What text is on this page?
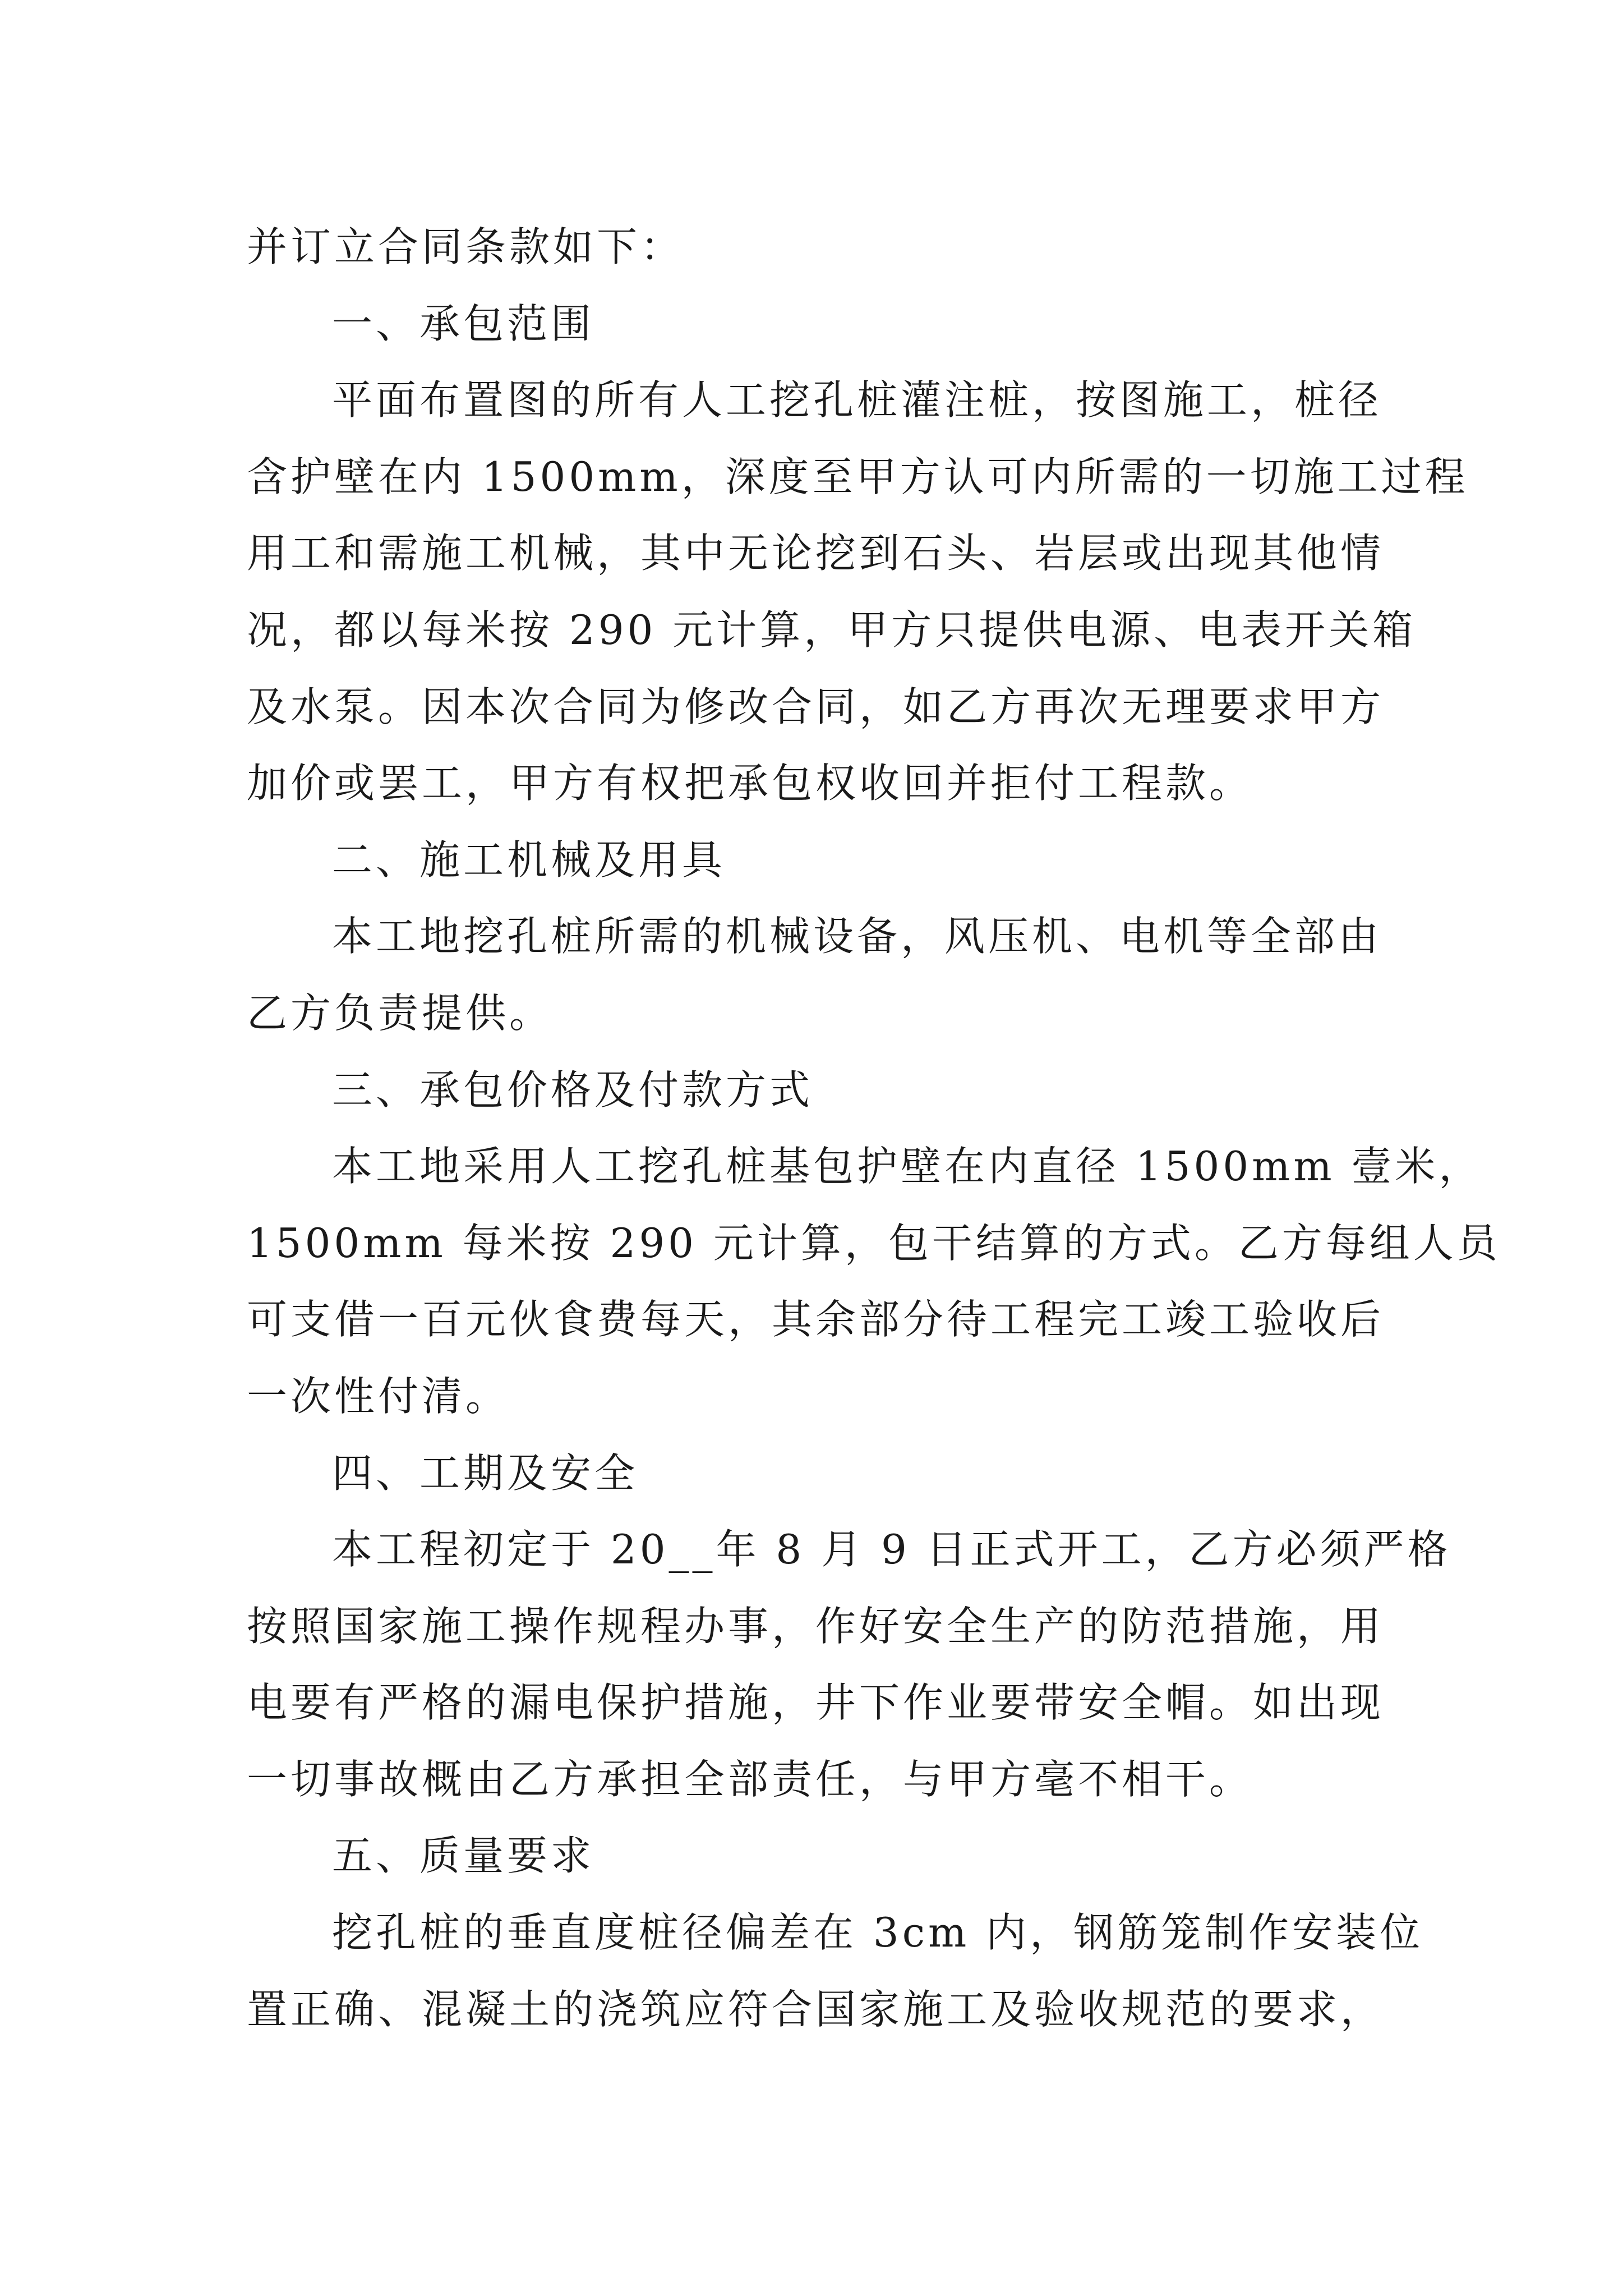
并订立合同条款如下：
一、承包范围
平面布置图的所有人工挖孔桩灌注桩，按图施工，桩径
含护壁在内 1500mm，深度至甲方认可内所需的一切施工过程
用工和需施工机械，其中无论挖到石头、岩层或出现其他情
况，都以每米按 290 元计算，甲方只提供电源、电表开关箱
及水泵。因本次合同为修改合同，如乙方再次无理要求甲方
加价或罢工，甲方有权把承包权收回并拒付工程款。
二、施工机械及用具
本工地挖孔桩所需的机械设备，风压机、电机等全部由
乙方负责提供。
三、承包价格及付款方式
本工地采用人工挖孔桩基包护壁在内直径 1500mm 壹米，
1500mm 每米按 290 元计算，包干结算的方式。乙方每组人员
可支借一百元伙食费每天，其余部分待工程完工竣工验收后
一次性付清。
四、工期及安全
本工程初定于 20__年 8 月 9 日正式开工，乙方必须严格
按照国家施工操作规程办事，作好安全生产的防范措施，用
电要有严格的漏电保护措施，井下作业要带安全帽。如出现
一切事故概由乙方承担全部责任，与甲方毫不相干。
五、质量要求
挖孔桩的垂直度桩径偏差在 3cm 内，钢筋笼制作安装位
置正确、混凝土的浇筑应符合国家施工及验收规范的要求，
